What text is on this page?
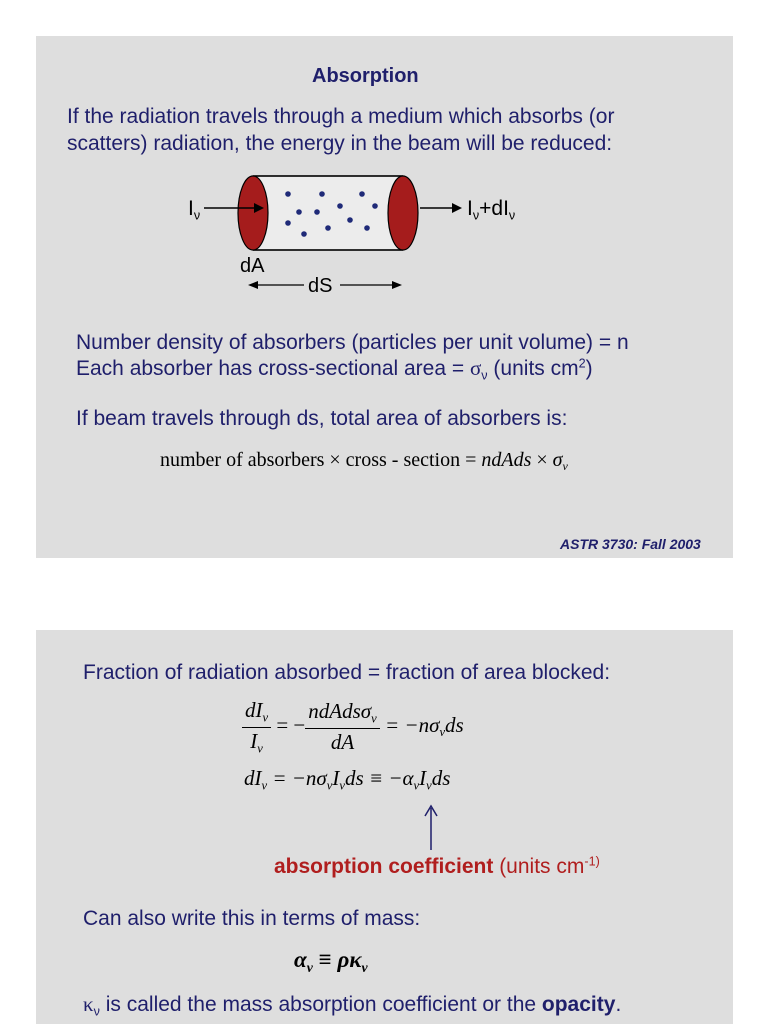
Absorption
If the radiation travels through a medium which absorbs (or
scatters) radiation, the energy in the beam will be reduced:
$I_\nu$	$I_\nu+dI_\nu$
dA
dS
Number density of absorbers (particles per unit volume) = n
Each absorber has cross-sectional area = $\sigma_\nu$ (units $cm^2$)
If beam travels through ds, total area of absorbers is:
number of absorbers × cross - section = ndAds × $\sigma_\nu$
ASTR 3730: Fall 2003
Fraction of radiation absorbed = fraction of area blocked:
$\frac{dI_\nu}{I_\nu}$ = − $\frac{ndAds\sigma_\nu}{dA} = -n\sigma_\nu ds$
$dI_\nu = -n\sigma_\nu I_\nu ds \equiv -\alpha_\nu I_\nu ds$
absorption coefficient (units $cm^{-1)}$
Can also write this in terms of mass:
$\alpha_\nu \equiv \rho\kappa_\nu$
$\kappa_\nu$ is called the mass absorption coefficient or the opacity.
